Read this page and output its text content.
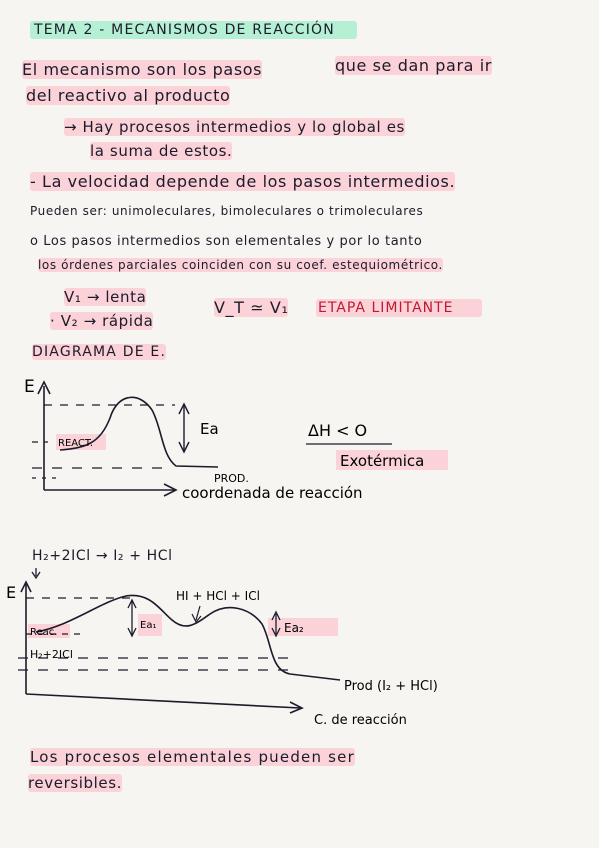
TEMA 2 - MECANISMOS DE REACCIÓN
El mecanismo son los pasos	que se dan para ir
del reactivo al producto
→ Hay procesos intermedios y lo global es
la suma de estos.
- La velocidad depende de los pasos intermedios.
Pueden ser: unimoleculares, bimoleculares o trimoleculares
o Los pasos intermedios son elementales y por lo tanto
los órdenes parciales coinciden con su coef. estequiométrico.
V₁ → lenta
· V₂ → rápida
V_T ≃ V₁ ETAPA LIMITANTE
DIAGRAMA DE E.
E
REACT.
Ea
PROD.
coordenada de reacción
ΔH < O
Exotérmica
H₂+2ICl → I₂ + HCl
E
Reac.
H₂+2ICl
HI + HCl + ICl
Ea₁	Ea₂
Prod (I₂ + HCl)
C. de reacción
Los procesos elementales pueden ser
reversibles.
